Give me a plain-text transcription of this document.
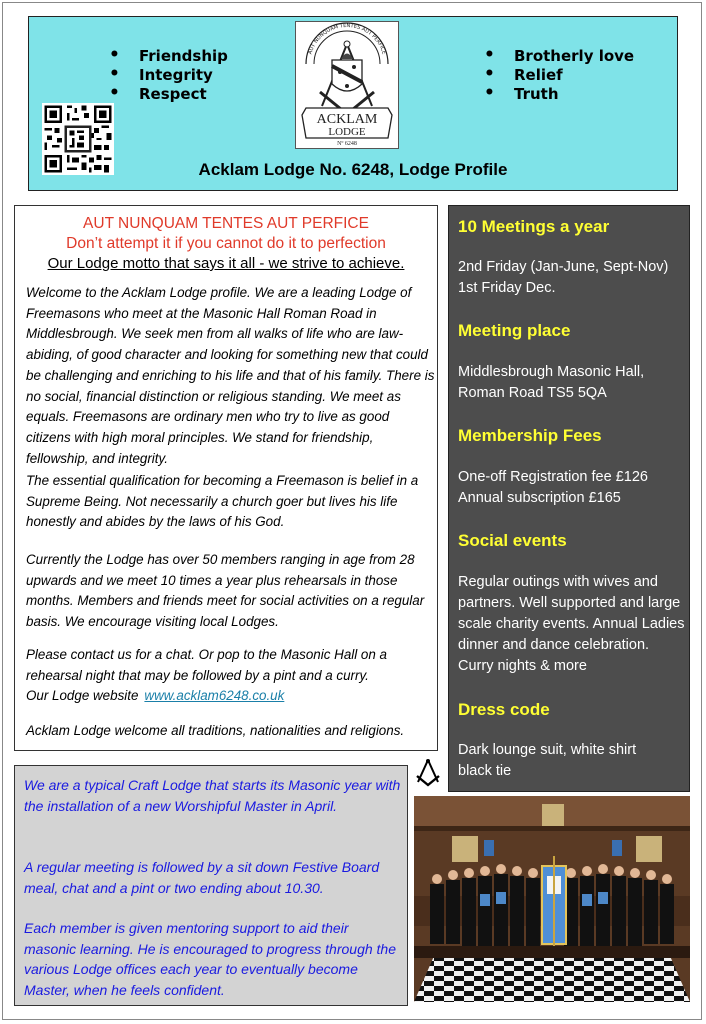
• Friendship
• Integrity
• Respect
• Brotherly love
• Relief
• Truth
AUT NUNQUAM TENTES AUT PERFICE
ACKLAM
LODGE
Nº 6248
Acklam Lodge No. 6248, Lodge Profile
AUT NUNQUAM TENTES AUT PERFICE
Don’t attempt it if you cannot do it to perfection
Our Lodge motto that says it all - we strive to achieve.

Welcome to the Acklam Lodge profile. We are a leading Lodge of Freemasons who meet at the Masonic Hall Roman Road in Middlesbrough. We seek men from all walks of life who are law-abiding, of good character and looking for something new that could be challenging and enriching to his life and that of his family. There is no social, financial distinction or religious standing. We meet as equals. Freemasons are ordinary men who try to live as good citizens with high moral principles. We stand for friendship, fellowship, and integrity.

The essential qualification for becoming a Freemason is belief in a Supreme Being. Not necessarily a church goer but lives his life honestly and abides by the laws of his God.

Currently the Lodge has over 50 members ranging in age from 28 upwards and we meet 10 times a year plus rehearsals in those months. Members and friends meet for social activities on a regular basis. We encourage visiting local Lodges.

Please contact us for a chat. Or pop to the Masonic Hall on a rehearsal night that may be followed by a pint and a curry.
Our Lodge website www.acklam6248.co.uk

Acklam Lodge welcome all traditions, nationalities and religions.

10 Meetings a year
2nd Friday (Jan-June, Sept-Nov)
1st Friday Dec.
Meeting place
Middlesbrough Masonic Hall,
Roman Road TS5 5QA
Membership Fees
One-off Registration fee £126
Annual subscription £165
Social events

Regular outings with wives and partners. Well supported and large scale charity events. Annual Ladies dinner and dance celebration. Curry nights & more

Dress code

Dark lounge suit, white shirt black tie

We are a typical Craft Lodge that starts its Masonic year with the installation of a new Worshipful Master in April.

A regular meeting is followed by a sit down Festive Board meal, chat and a pint or two ending about 10.30.

Each member is given mentoring support to aid their masonic learning. He is encouraged to progress through the various Lodge offices each year to eventually become Master, when he feels confident.
